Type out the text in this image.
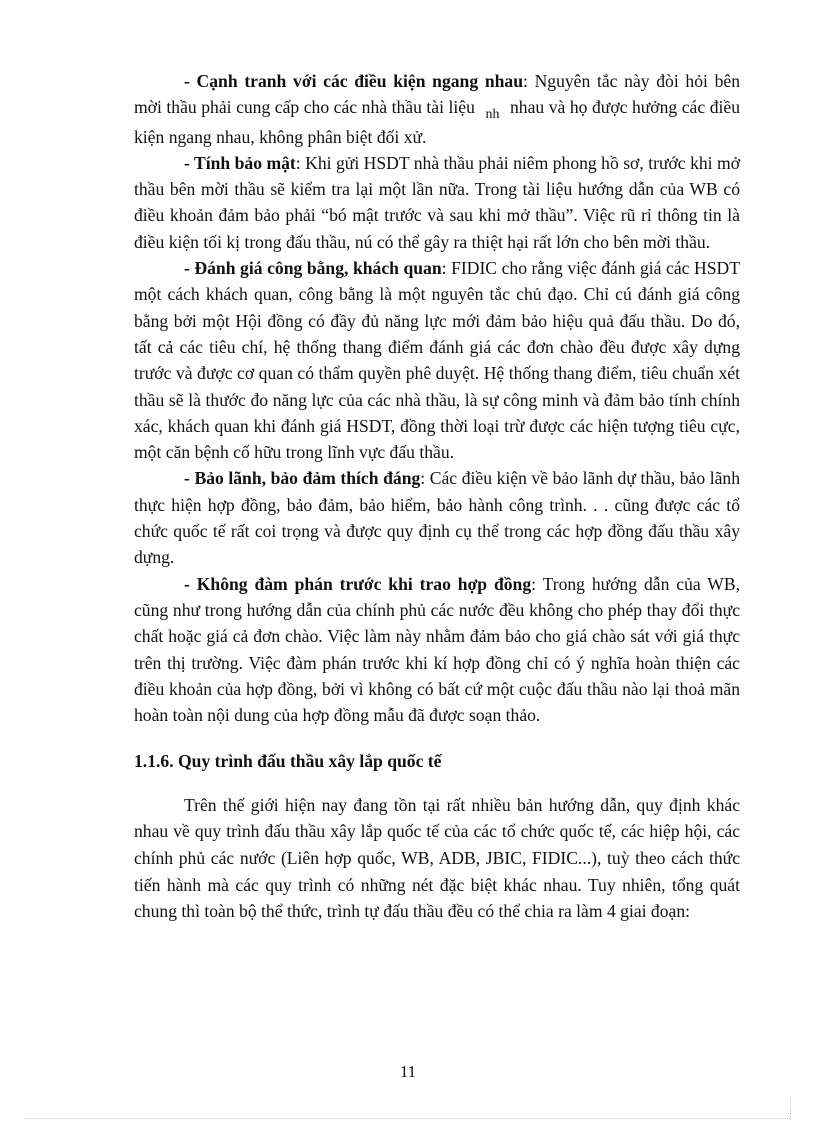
- Cạnh tranh với các điều kiện ngang nhau: Nguyên tắc này đòi hỏi bên mời thầu phải cung cấp cho các nhà thầu tài liệu $_{nh}$ nhau và họ được hưởng các điều kiện ngang nhau, không phân biệt đối xử.

- Tính bảo mật: Khi gửi HSDT nhà thầu phải niêm phong hồ sơ, trước khi mở thầu bên mời thầu sẽ kiểm tra lại một lần nữa. Trong tài liệu hướng dẫn của WB có điều khoản đảm bảo phải “bó mật trước và sau khi mở thầu”. Việc rũ rỉ thông tin là điều kiện tối kị trong đấu thầu, nú có thể gây ra thiệt hại rất lớn cho bên mời thầu.

- Đánh giá công bằng, khách quan: FIDIC cho rằng việc đánh giá các HSDT một cách khách quan, công bằng là một nguyên tắc chủ đạo. Chỉ cú đánh giá công bằng bởi một Hội đồng có đầy đủ năng lực mới đảm bảo hiệu quả đấu thầu. Do đó, tất cả các tiêu chí, hệ thống thang điểm đánh giá các đơn chào đều được xây dựng trước và được cơ quan có thẩm quyền phê duyệt. Hệ thống thang điểm, tiêu chuẩn xét thầu sẽ là thước đo năng lực của các nhà thầu, là sự công minh và đảm bảo tính chính xác, khách quan khi đánh giá HSDT, đồng thời loại trừ được các hiện tượng tiêu cực, một căn bệnh cố hữu trong lĩnh vực đấu thầu.

- Bảo lãnh, bảo đảm thích đáng: Các điều kiện về bảo lãnh dự thầu, bảo lãnh thực hiện hợp đồng, bảo đảm, bảo hiểm, bảo hành công trình. . . cũng được các tổ chức quốc tế rất coi trọng và được quy định cụ thể trong các hợp đồng đấu thầu xây dựng.

- Không đàm phán trước khi trao hợp đồng: Trong hướng dẫn của WB, cũng như trong hướng dẫn của chính phủ các nước đều không cho phép thay đổi thực chất hoặc giá cả đơn chào. Việc làm này nhằm đảm bảo cho giá chào sát với giá thực trên thị trường. Việc đàm phán trước khi kí hợp đồng chỉ có ý nghĩa hoàn thiện các điều khoản của hợp đồng, bởi vì không có bất cứ một cuộc đấu thầu nào lại thoả mãn hoàn toàn nội dung của hợp đồng mẫu đã được soạn thảo.

1.1.6. Quy trình đấu thầu xây lắp quốc tế

Trên thế giới hiện nay đang tồn tại rất nhiều bản hướng dẫn, quy định khác nhau về quy trình đấu thầu xây lắp quốc tế của các tổ chức quốc tế, các hiệp hội, các chính phủ các nước (Liên hợp quốc, WB, ADB, JBIC, FIDIC...), tuỳ theo cách thức tiến hành mà các quy trình có những nét đặc biệt khác nhau. Tuy nhiên, tổng quát chung thì toàn bộ thể thức, trình tự đấu thầu đều có thể chia ra làm 4 giai đoạn:

11
